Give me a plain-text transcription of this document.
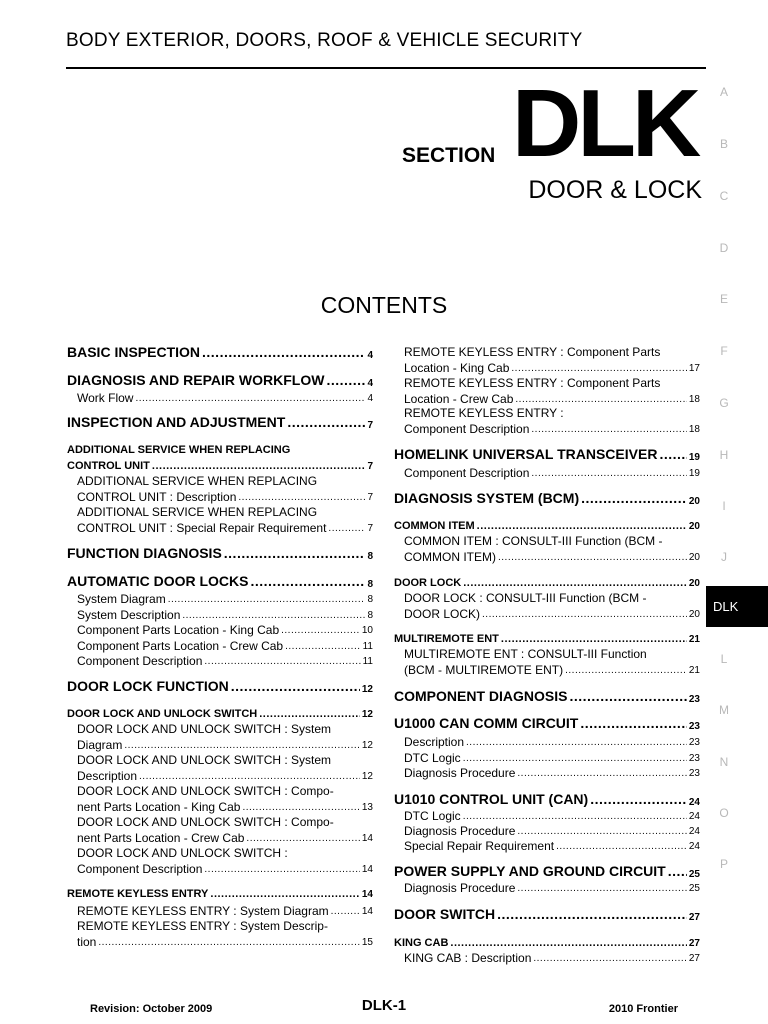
BODY EXTERIOR, DOORS, ROOF & VEHICLE SECURITY
SECTION DLK
DOOR & LOCK
CONTENTS
A
B
C
D
E
F
G
H
I
J
L
M
N
O
P
DLK
BASIC INSPECTION .....	4
DIAGNOSIS AND REPAIR WORKFLOW .....	4
Work Flow .....	4
INSPECTION AND ADJUSTMENT .....	7
ADDITIONAL SERVICE WHEN REPLACING
CONTROL UNIT .....	7
ADDITIONAL SERVICE WHEN REPLACING
CONTROL UNIT : Description .....	7
ADDITIONAL SERVICE WHEN REPLACING
CONTROL UNIT : Special Repair Requirement .....	7
FUNCTION DIAGNOSIS .....	8
AUTOMATIC DOOR LOCKS .....	8
System Diagram .....	8
System Description .....	8
Component Parts Location - King Cab .....	10
Component Parts Location - Crew Cab .....	11
Component Description .....	11
DOOR LOCK FUNCTION .....	12
DOOR LOCK AND UNLOCK SWITCH .....	12
DOOR LOCK AND UNLOCK SWITCH : System
Diagram .....	12
DOOR LOCK AND UNLOCK SWITCH : System
Description .....	12
DOOR LOCK AND UNLOCK SWITCH : Compo-
nent Parts Location - King Cab .....	13
DOOR LOCK AND UNLOCK SWITCH : Compo-
nent Parts Location - Crew Cab .....	14
DOOR LOCK AND UNLOCK SWITCH :
Component Description .....	14
REMOTE KEYLESS ENTRY .....	14
REMOTE KEYLESS ENTRY : System Diagram .....	14
REMOTE KEYLESS ENTRY : System Descrip-
tion .....	15
REMOTE KEYLESS ENTRY : Component Parts
Location - King Cab .....	17
REMOTE KEYLESS ENTRY : Component Parts
Location - Crew Cab .....	18
REMOTE KEYLESS ENTRY :
Component Description .....	18
HOMELINK UNIVERSAL TRANSCEIVER .....	19
Component Description .....	19
DIAGNOSIS SYSTEM (BCM) .....	20
COMMON ITEM .....	20
COMMON ITEM : CONSULT-III Function (BCM -
COMMON ITEM) .....	20
DOOR LOCK .....	20
DOOR LOCK : CONSULT-III Function (BCM -
DOOR LOCK) .....	20
MULTIREMOTE ENT .....	21
MULTIREMOTE ENT : CONSULT-III Function
(BCM - MULTIREMOTE ENT) .....	21
COMPONENT DIAGNOSIS .....	23
U1000 CAN COMM CIRCUIT .....	23
Description .....	23
DTC Logic .....	23
Diagnosis Procedure .....	23
U1010 CONTROL UNIT (CAN) .....	24
DTC Logic .....	24
Diagnosis Procedure .....	24
Special Repair Requirement .....	24
POWER SUPPLY AND GROUND CIRCUIT ..... 25
Diagnosis Procedure .....	25
DOOR SWITCH .....	27
KING CAB .....	27
KING CAB : Description .....	27
Revision: October 2009	DLK-1	2010 Frontier
